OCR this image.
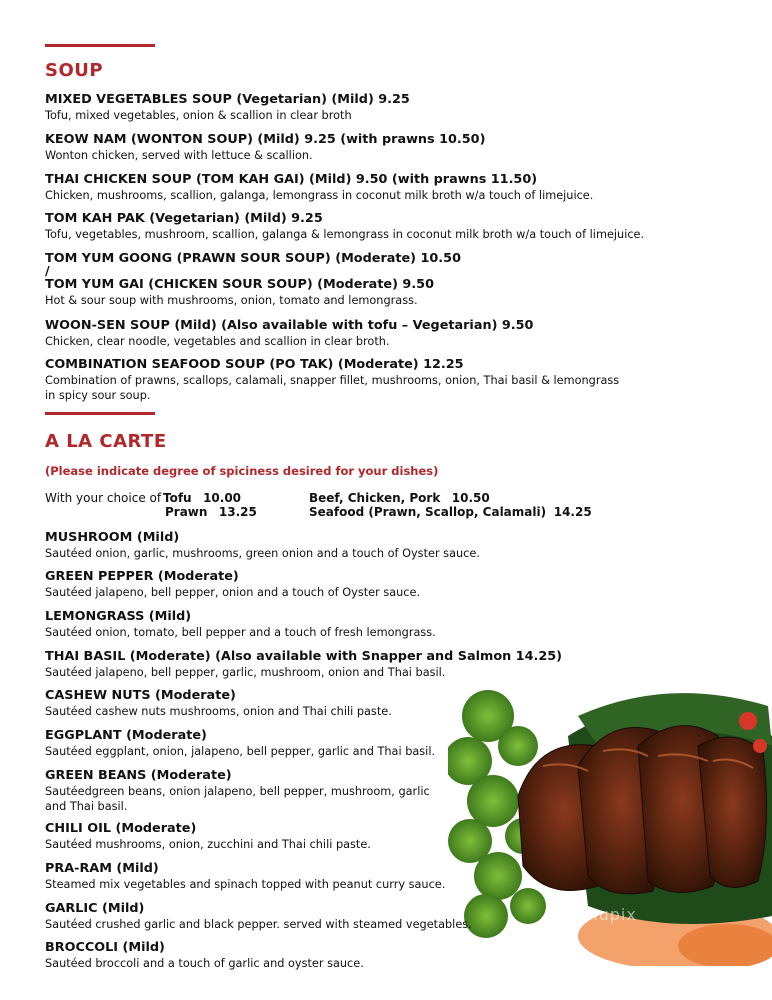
SOUP
MIXED VEGETABLES SOUP (Vegetarian) (Mild) 9.25
Tofu, mixed vegetables, onion & scallion in clear broth
KEOW NAM (WONTON SOUP) (Mild) 9.25 (with prawns 10.50)
Wonton chicken, served with lettuce & scallion.
THAI CHICKEN SOUP (TOM KAH GAI) (Mild) 9.50 (with prawns 11.50)
Chicken, mushrooms, scallion, galanga, lemongrass in coconut milk broth w/a touch of limejuice.
TOM KAH PAK (Vegetarian) (Mild) 9.25
Tofu, vegetables, mushroom, scallion, galanga & lemongrass in coconut milk broth w/a touch of limejuice.
TOM YUM GOONG (PRAWN SOUR SOUP) (Moderate) 10.50
/
TOM YUM GAI (CHICKEN SOUR SOUP) (Moderate) 9.50
Hot & sour soup with mushrooms, onion, tomato and lemongrass.
WOON-SEN SOUP (Mild) (Also available with tofu – Vegetarian) 9.50
Chicken, clear noodle, vegetables and scallion in clear broth.
COMBINATION SEAFOOD SOUP (PO TAK) (Moderate) 12.25
Combination of prawns, scallops, calamali, snapper fillet, mushrooms, onion, Thai basil & lemongrass
in spicy sour soup.
A LA CARTE
(Please indicate degree of spiciness desired for your dishes)
With your choice of Tofu 10.00
Prawn 13.25
Beef, Chicken, Pork 10.50
Seafood (Prawn, Scallop, Calamali) 14.25
menupix
MUSHROOM (Mild)
Sautéed onion, garlic, mushrooms, green onion and a touch of Oyster sauce.
GREEN PEPPER (Moderate)
Sautéed jalapeno, bell pepper, onion and a touch of Oyster sauce.
LEMONGRASS (Mild)
Sautéed onion, tomato, bell pepper and a touch of fresh lemongrass.
THAI BASIL (Moderate) (Also available with Snapper and Salmon 14.25)
Sautéed jalapeno, bell pepper, garlic, mushroom, onion and Thai basil.
CASHEW NUTS (Moderate)
Sautéed cashew nuts mushrooms, onion and Thai chili paste.
EGGPLANT (Moderate)
Sautéed eggplant, onion, jalapeno, bell pepper, garlic and Thai basil.
GREEN BEANS (Moderate)
Sautéedgreen beans, onion jalapeno, bell pepper, mushroom, garlic
and Thai basil.
CHILI OIL (Moderate)
Sautéed mushrooms, onion, zucchini and Thai chili paste.
PRA-RAM (Mild)
Steamed mix vegetables and spinach topped with peanut curry sauce.
GARLIC (Mild)
Sautéed crushed garlic and black pepper. served with steamed vegetables.
BROCCOLI (Mild)
Sautéed broccoli and a touch of garlic and oyster sauce.
